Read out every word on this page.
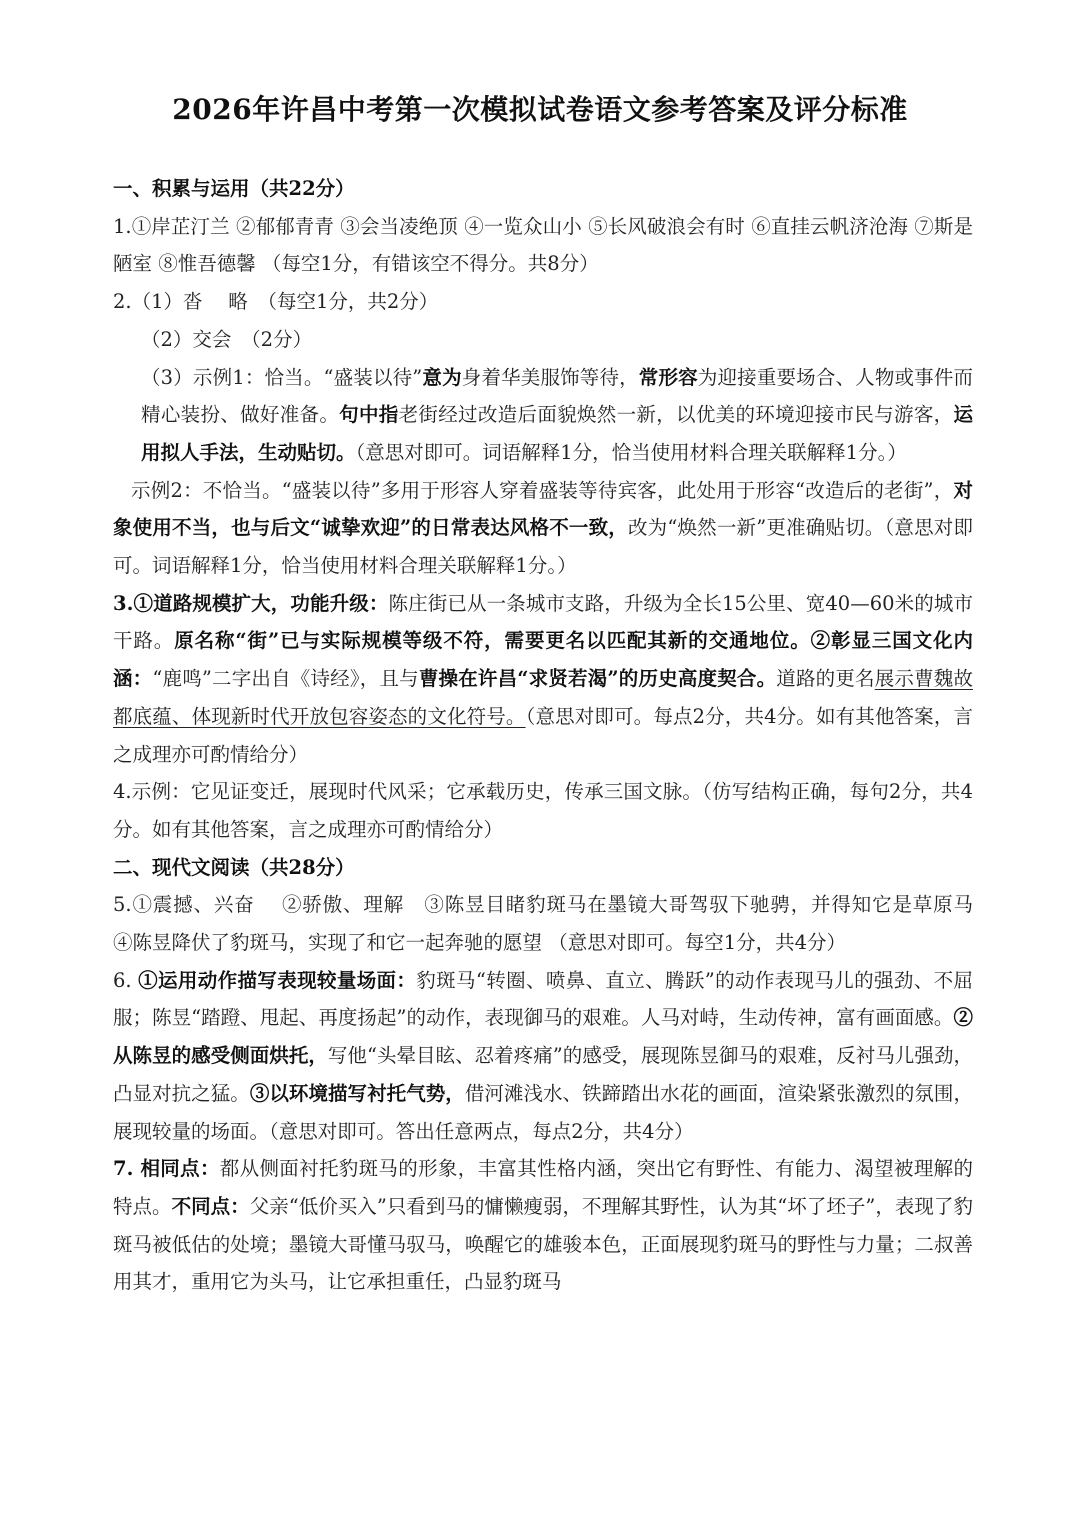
2026年许昌中考第一次模拟试卷语文参考答案及评分标准

一、积累与运用（共22分）

1.①岸芷汀兰 ②郁郁青青 ③会当凌绝顶 ④一览众山小 ⑤长风破浪会有时 ⑥直挂云帆济沧海 ⑦斯是陋室 ⑧惟吾德馨 （每空1分，有错该空不得分。共8分）

2.（1）沓　 略　（每空1分，共2分）

（2）交会　（2分）

（3）示例1：恰当。“盛装以待”意为身着华美服饰等待，常形容为迎接重要场合、人物或事件而精心装扮、做好准备。句中指老街经过改造后面貌焕然一新，以优美的环境迎接市民与游客，运用拟人手法，生动贴切。（意思对即可。词语解释1分，恰当使用材料合理关联解释1分。）

示例2：不恰当。“盛装以待”多用于形容人穿着盛装等待宾客，此处用于形容“改造后的老街”，对象使用不当，也与后文“诚挚欢迎”的日常表达风格不一致，改为“焕然一新”更准确贴切。（意思对即可。词语解释1分，恰当使用材料合理关联解释1分。）

3.①道路规模扩大，功能升级：陈庄街已从一条城市支路，升级为全长15公里、宽40—60米的城市干路。原名称“街”已与实际规模等级不符，需要更名以匹配其新的交通地位。②彰显三国文化内涵：“鹿鸣”二字出自《诗经》，且与曹操在许昌“求贤若渴”的历史高度契合。道路的更名展示曹魏故都底蕴、体现新时代开放包容姿态的文化符号。（意思对即可。每点2分，共4分。如有其他答案，言之成理亦可酌情给分）

4.示例：它见证变迁，展现时代风采；它承载历史，传承三国文脉。（仿写结构正确，每句2分，共4分。如有其他答案，言之成理亦可酌情给分）

二、现代文阅读（共28分）

5.①震撼、兴奋　 ②骄傲、理解　③陈昱目睹豹斑马在墨镜大哥驾驭下驰骋，并得知它是草原马　④陈昱降伏了豹斑马，实现了和它一起奔驰的愿望 （意思对即可。每空1分，共4分）

6. ①运用动作描写表现较量场面：豹斑马“转圈、喷鼻、直立、腾跃”的动作表现马儿的强劲、不屈服；陈昱“踏蹬、甩起、再度扬起”的动作，表现御马的艰难。人马对峙，生动传神，富有画面感。②从陈昱的感受侧面烘托，写他“头晕目眩、忍着疼痛”的感受，展现陈昱御马的艰难，反衬马儿强劲，凸显对抗之猛。③以环境描写衬托气势，借河滩浅水、铁蹄踏出水花的画面，渲染紧张激烈的氛围，展现较量的场面。（意思对即可。答出任意两点，每点2分，共4分）

7. 相同点：都从侧面衬托豹斑马的形象，丰富其性格内涵，突出它有野性、有能力、渴望被理解的特点。不同点：父亲“低价买入”只看到马的慵懒瘦弱，不理解其野性，认为其“坏了坯子”，表现了豹斑马被低估的处境；墨镜大哥懂马驭马，唤醒它的雄骏本色，正面展现豹斑马的野性与力量；二叔善用其才，重用它为头马，让它承担重任，凸显豹斑马
